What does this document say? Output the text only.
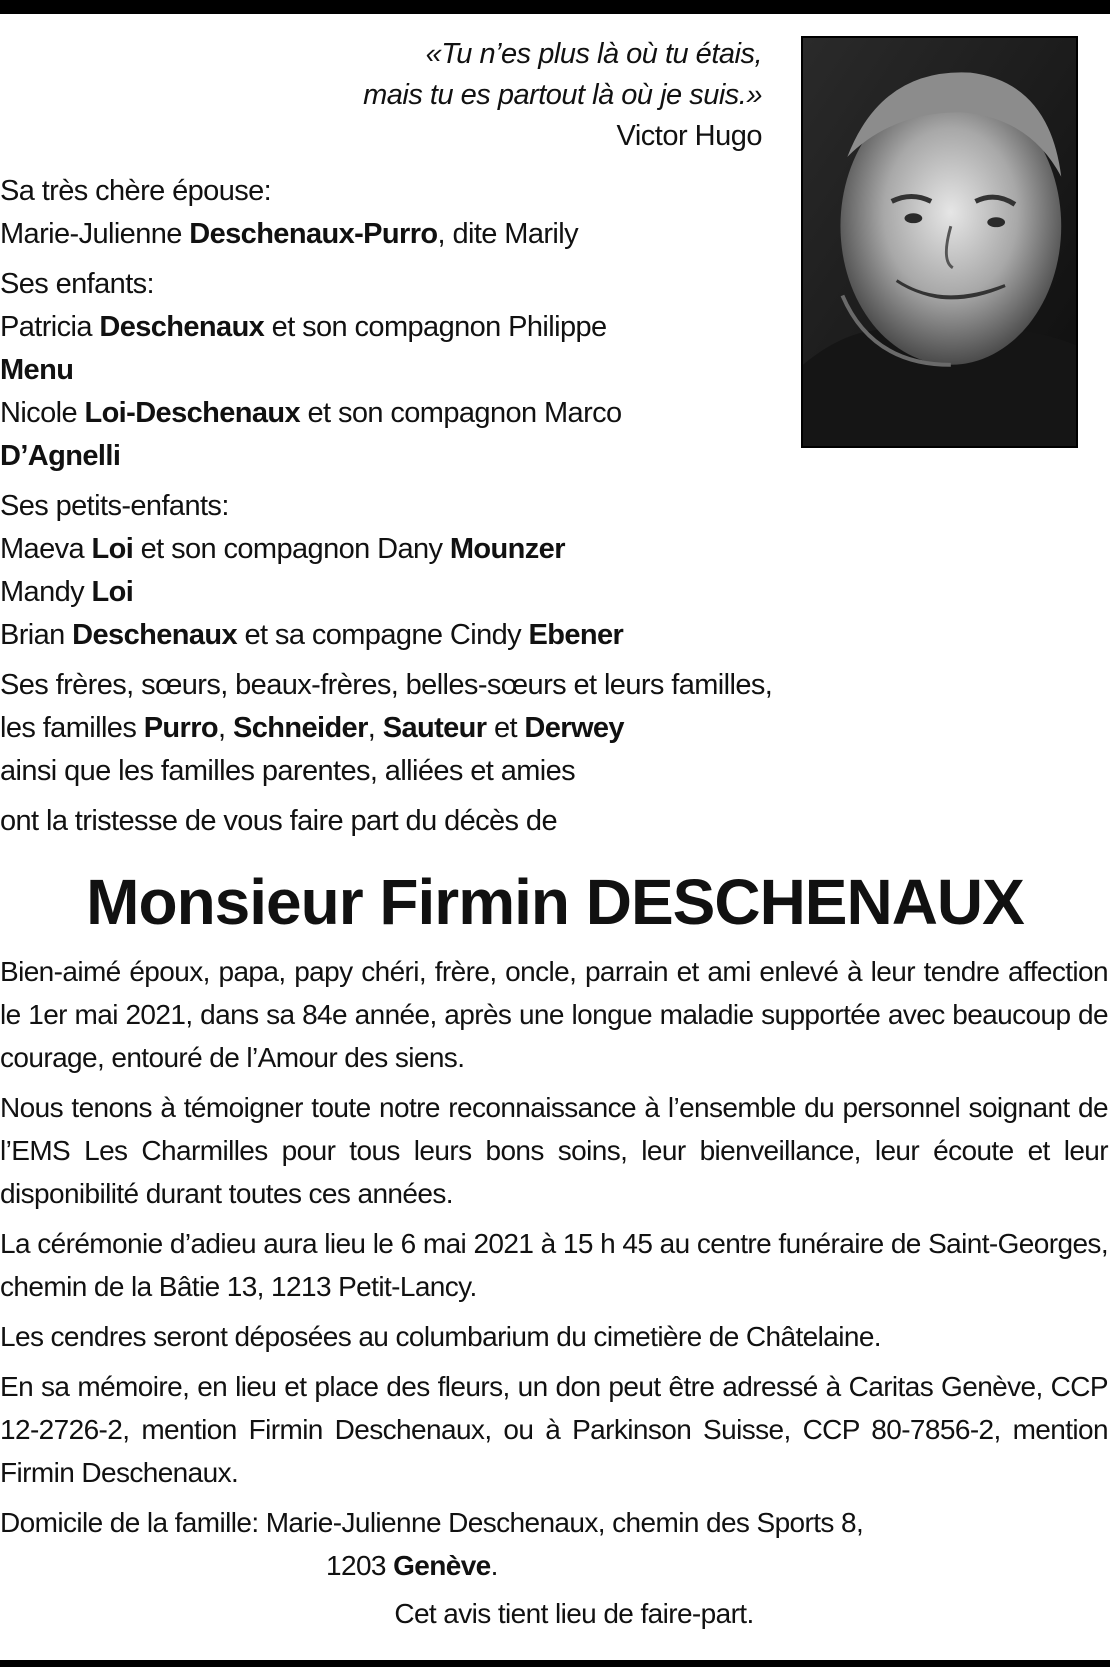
«Tu n’es plus là où tu étais,
mais tu es partout là où je suis.»
Victor Hugo
Sa très chère épouse:
Marie-Julienne Deschenaux-Purro, dite Marily
Ses enfants:
Patricia Deschenaux et son compagnon Philippe
Menu
Nicole Loi-Deschenaux et son compagnon Marco
D’Agnelli
Ses petits-enfants:
Maeva Loi et son compagnon Dany Mounzer
Mandy Loi
Brian Deschenaux et sa compagne Cindy Ebener
Ses frères, sœurs, beaux-frères, belles-sœurs et leurs familles,
les familles Purro, Schneider, Sauteur et Derwey
ainsi que les familles parentes, alliées et amies
ont la tristesse de vous faire part du décès de
Monsieur Firmin DESCHENAUX

Bien-aimé époux, papa, papy chéri, frère, oncle, parrain et ami enlevé à leur tendre affection le 1er mai 2021, dans sa 84e année, après une longue maladie supportée avec beaucoup de courage, entouré de l’Amour des siens.

Nous tenons à témoigner toute notre reconnaissance à l’ensemble du personnel soignant de l’EMS Les Charmilles pour tous leurs bons soins, leur bienveillance, leur écoute et leur disponibilité durant toutes ces années.

La cérémonie d’adieu aura lieu le 6 mai 2021 à 15 h 45 au centre funéraire de Saint-Georges, chemin de la Bâtie 13, 1213 Petit-Lancy.

Les cendres seront déposées au columbarium du cimetière de Châtelaine.

En sa mémoire, en lieu et place des fleurs, un don peut être adressé à Caritas Genève, CCP 12-2726-2, mention Firmin Deschenaux, ou à Parkinson Suisse, CCP 80-7856-2, mention Firmin Deschenaux.

Domicile de la famille: Marie-Julienne Deschenaux, chemin des Sports 8,
1203 Genève.
Cet avis tient lieu de faire-part.
